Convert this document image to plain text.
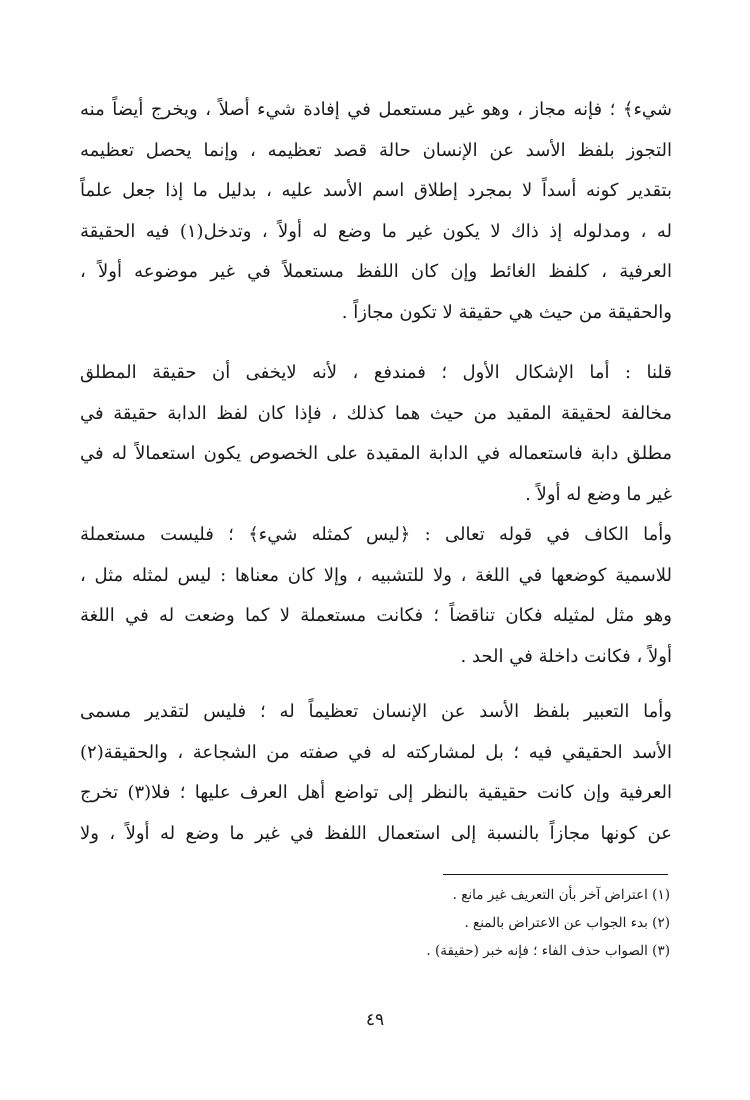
شيء﴾ ؛ فإنه مجاز ، وهو غير مستعمل في إفادة شيء أصلاً ، ويخرج أيضاً منه
التجوز بلفظ الأسد عن الإنسان حالة قصد تعظيمه ، وإنما يحصل تعظيمه
بتقدير كونه أسداً لا بمجرد إطلاق اسم الأسد عليه ، بدليل ما إذا جعل علماً
له ، ومدلوله إذ ذاك لا يكون غير ما وضع له أولاً ، وتدخل(١) فيه الحقيقة
العرفية ، كلفظ الغائط وإن كان اللفظ مستعملاً في غير موضوعه أولاً ،
والحقيقة من حيث هي حقيقة لا تكون مجازاً .
قلنا : أما الإشكال الأول ؛ فمندفع ، لأنه لايخفى أن حقيقة المطلق
مخالفة لحقيقة المقيد من حيث هما كذلك ، فإذا كان لفظ الدابة حقيقة في
مطلق دابة فاستعماله في الدابة المقيدة على الخصوص يكون استعمالاً له في
غير ما وضع له أولاً .
وأما الكاف في قوله تعالى : ﴿ليس كمثله شيء﴾ ؛ فليست مستعملة
للاسمية كوضعها في اللغة ، ولا للتشبيه ، وإلا كان معناها : ليس لمثله مثل ،
وهو مثل لمثيله فكان تناقضاً ؛ فكانت مستعملة لا كما وضعت له في اللغة
أولاً ، فكانت داخلة في الحد .
وأما التعبير بلفظ الأسد عن الإنسان تعظيماً له ؛ فليس لتقدير مسمى
الأسد الحقيقي فيه ؛ بل لمشاركته له في صفته من الشجاعة ، والحقيقة(٢)
العرفية وإن كانت حقيقية بالنظر إلى تواضع أهل العرف عليها ؛ فلا(٣) تخرج
عن كونها مجازاً بالنسبة إلى استعمال اللفظ في غير ما وضع له أولاً ، ولا
(١) اعتراض آخر بأن التعريف غير مانع .
(٢) بدء الجواب عن الاعتراض بالمنع .
(٣) الصواب حذف الفاء ؛ فإنه خبر (حقيقة) .
٤٩
